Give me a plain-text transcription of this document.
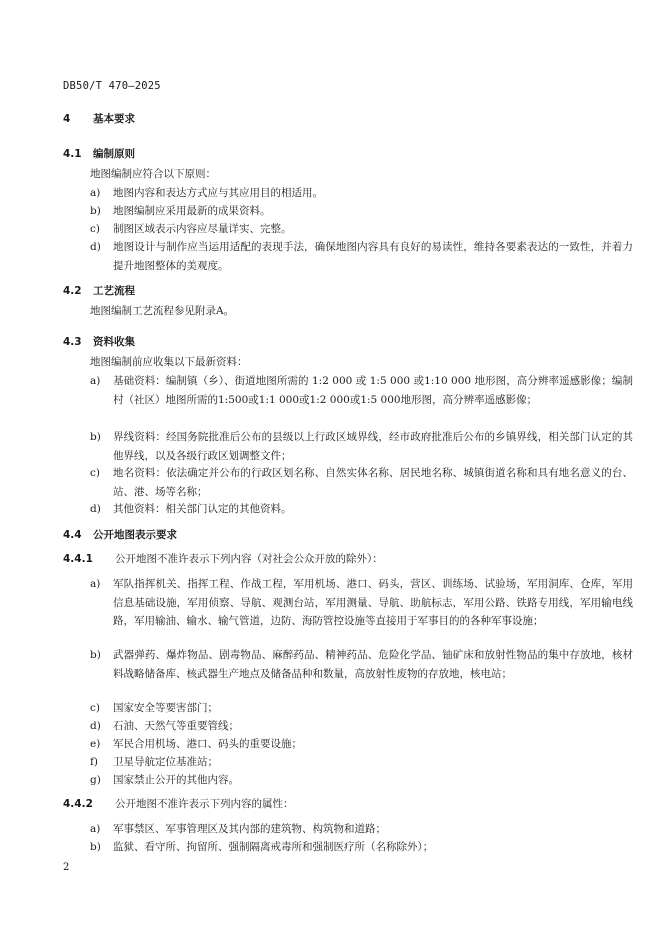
DB50/T 470—2025
4 基本要求
4.1 编制原则
地图编制应符合以下原则：
a) 地图内容和表达方式应与其应用目的相适用。
b) 地图编制应采用最新的成果资料。
c) 制图区域表示内容应尽量详实、完整。
d) 地图设计与制作应当运用适配的表现手法，确保地图内容具有良好的易读性，维持各要素表达的一致性，并着力提升地图整体的美观度。
4.2 工艺流程
地图编制工艺流程参见附录A。
4.3 资料收集
地图编制前应收集以下最新资料：
a) 基础资料：编制镇（乡）、街道地图所需的 1:2 000 或 1:5 000 或1:10 000 地形图，高分辨率遥感影像；编制村（社区）地图所需的1:500或1:1 000或1:2 000或1:5 000地形图，高分辨率遥感影像；
b) 界线资料：经国务院批准后公布的县级以上行政区域界线，经市政府批准后公布的乡镇界线，相关部门认定的其他界线，以及各级行政区划调整文件；
c) 地名资料：依法确定并公布的行政区划名称、自然实体名称、居民地名称、城镇街道名称和具有地名意义的台、站、港、场等名称；
d) 其他资料：相关部门认定的其他资料。
4.4 公开地图表示要求
4.4.1 公开地图不准许表示下列内容（对社会公众开放的除外）：
a) 军队指挥机关、指挥工程、作战工程，军用机场、港口、码头，营区、训练场、试验场，军用洞库、仓库，军用信息基础设施，军用侦察、导航、观测台站，军用测量、导航、助航标志，军用公路、铁路专用线，军用输电线路，军用输油、输水、输气管道，边防、海防管控设施等直接用于军事目的的各种军事设施；
b) 武器弹药、爆炸物品、剧毒物品、麻醉药品、精神药品、危险化学品、铀矿床和放射性物品的集中存放地，核材料战略储备库、核武器生产地点及储备品种和数量，高放射性废物的存放地，核电站；
c) 国家安全等要害部门；
d) 石油、天然气等重要管线；
e) 军民合用机场、港口、码头的重要设施；
f) 卫星导航定位基准站；
g) 国家禁止公开的其他内容。
4.4.2 公开地图不准许表示下列内容的属性：
a) 军事禁区、军事管理区及其内部的建筑物、构筑物和道路；
b) 监狱、看守所、拘留所、强制隔离戒毒所和强制医疗所（名称除外）；
2
